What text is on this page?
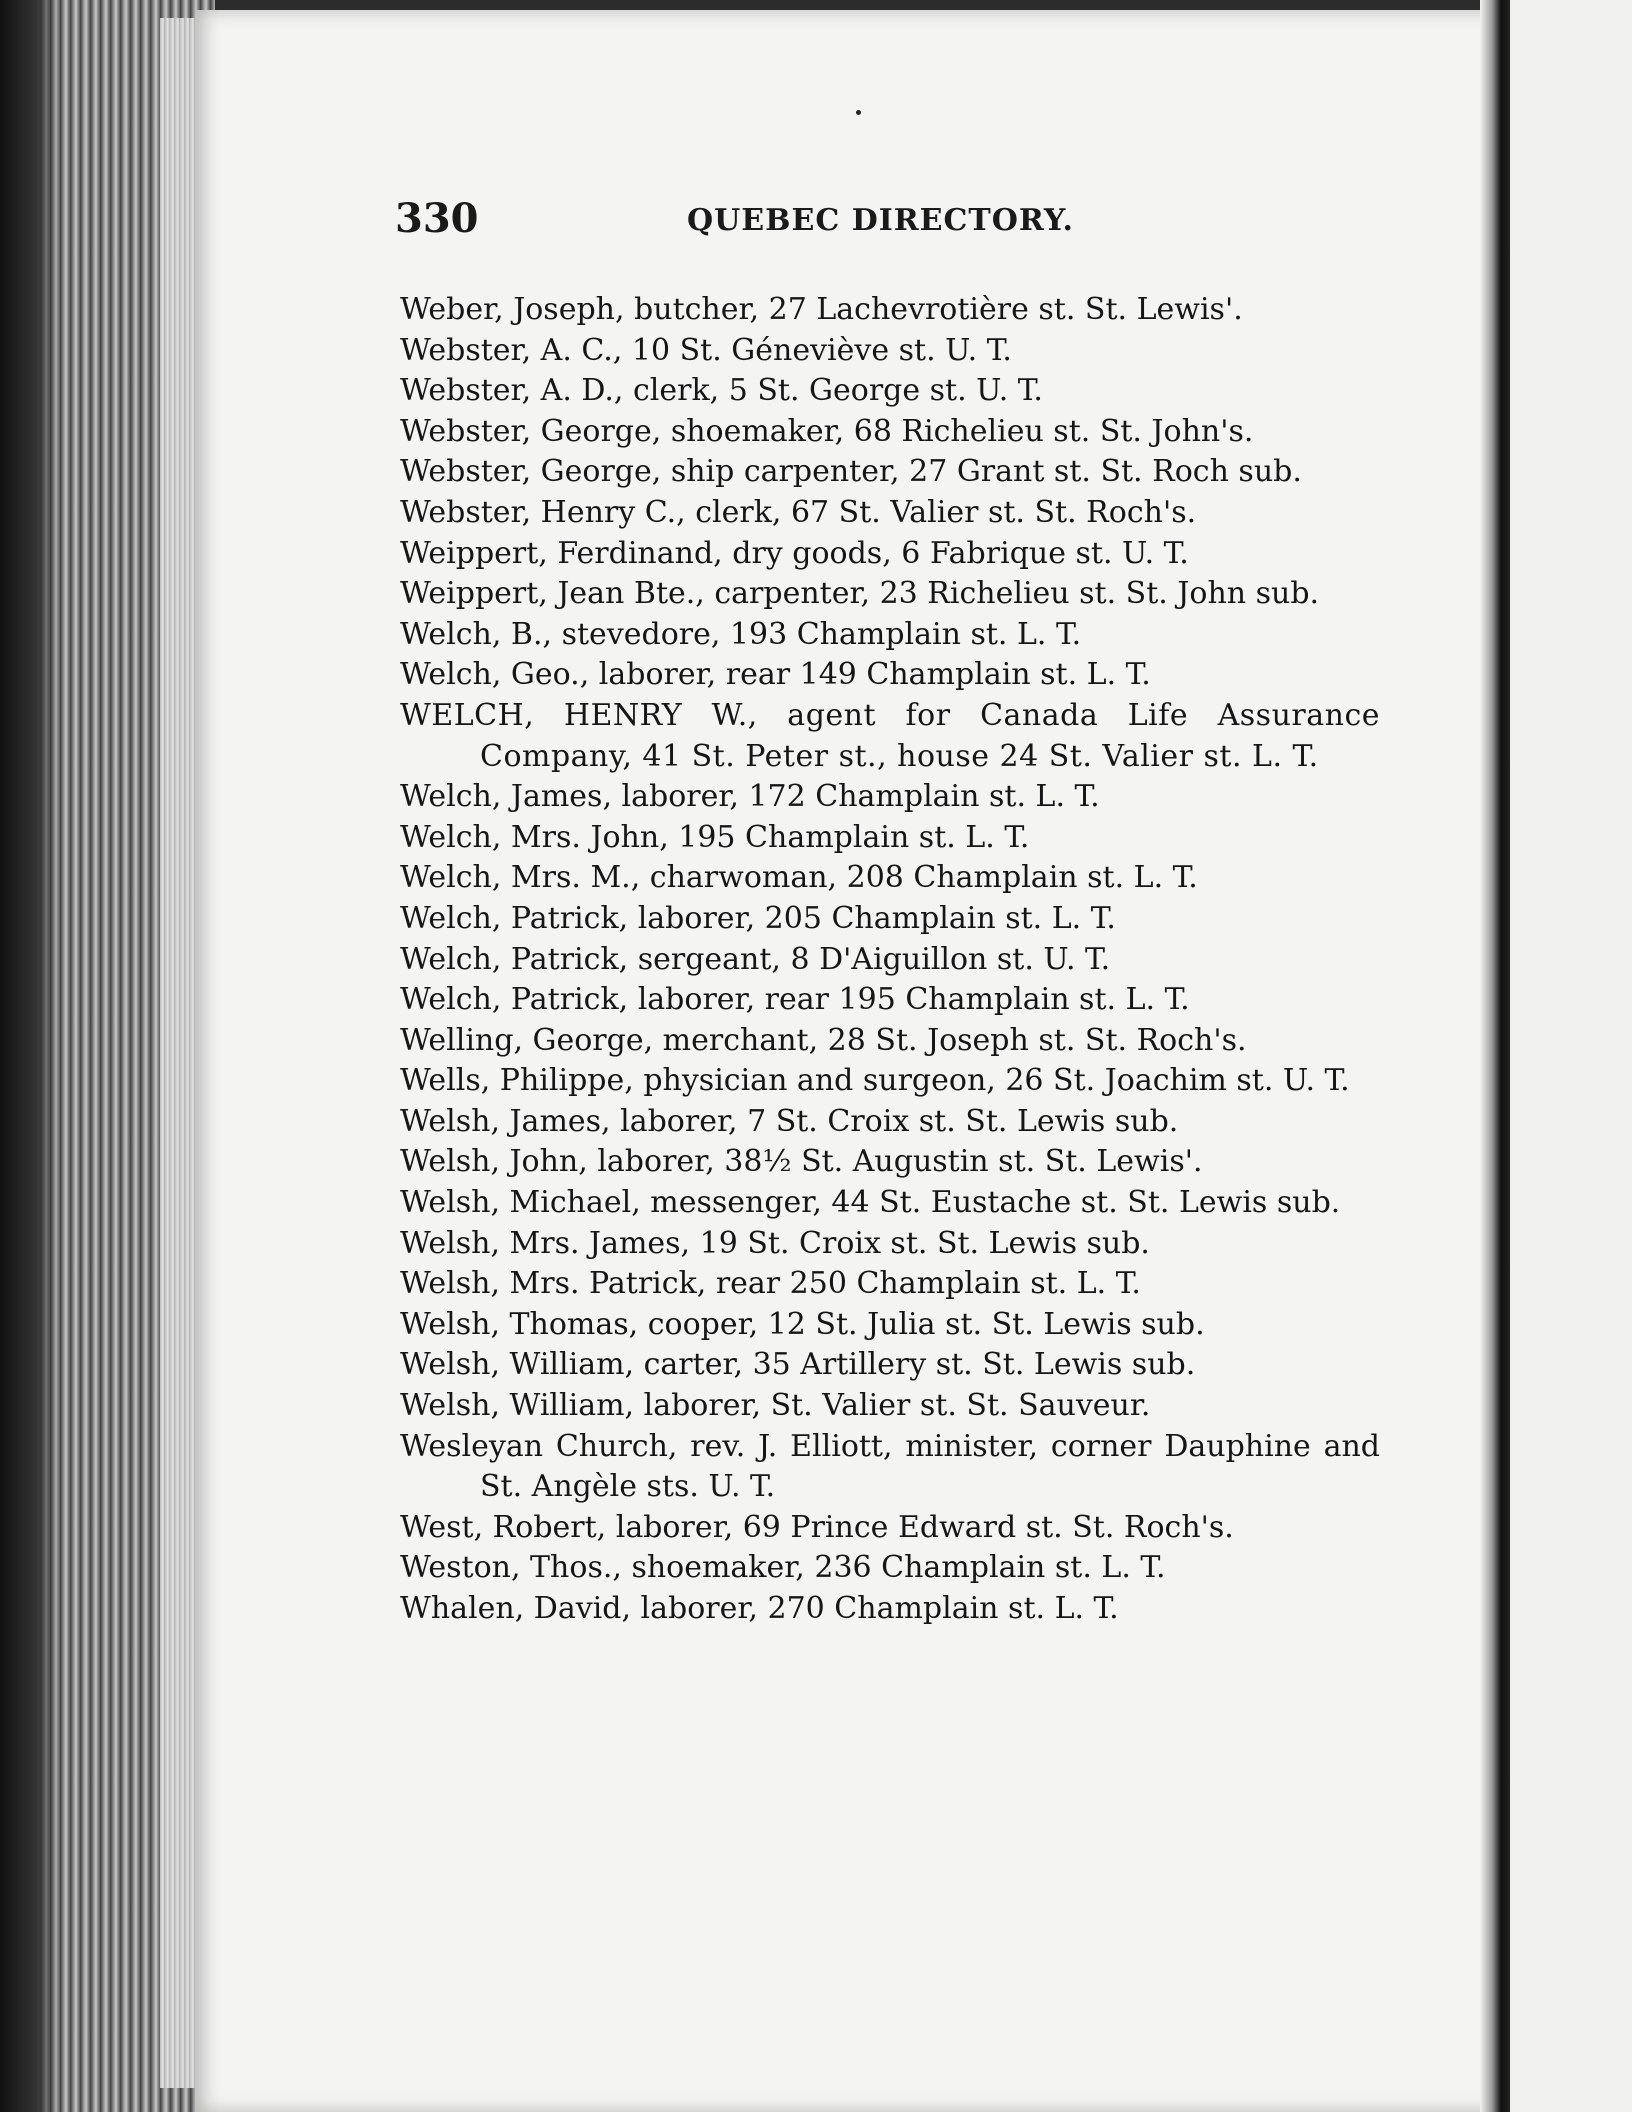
330	QUEBEC DIRECTORY.
Weber, Joseph, butcher, 27 Lachevrotière st. St. Lewis'.
Webster, A. C., 10 St. Génevièvе st. U. T.
Webster, A. D., clerk, 5 St. George st. U. T.
Webster, George, shoemaker, 68 Richelieu st. St. John's.
Webster, George, ship carpenter, 27 Grant st. St. Roch sub.
Webster, Henry C., clerk, 67 St. Valier st. St. Roch's.
Weippert, Ferdinand, dry goods, 6 Fabrique st. U. T.
Weippert, Jean Bte., carpenter, 23 Richelieu st. St. John sub.
Welch, B., stevedore, 193 Champlain st. L. T.
Welch, Geo., laborer, rear 149 Champlain st. L. T.
WELCH, HENRY W., agent for Canada Life Assurance Company, 41 St. Peter st., house 24 St. Valier st. L. T.
Welch, James, laborer, 172 Champlain st. L. T.
Welch, Mrs. John, 195 Champlain st. L. T.
Welch, Mrs. M., charwoman, 208 Champlain st. L. T.
Welch, Patrick, laborer, 205 Champlain st. L. T.
Welch, Patrick, sergeant, 8 D'Aiguillon st. U. T.
Welch, Patrick, laborer, rear 195 Champlain st. L. T.
Welling, George, merchant, 28 St. Joseph st. St. Roch's.
Wells, Philippe, physician and surgeon, 26 St. Joachim st. U. T.
Welsh, James, laborer, 7 St. Croix st. St. Lewis sub.
Welsh, John, laborer, 38½ St. Augustin st. St. Lewis'.
Welsh, Michael, messenger, 44 St. Eustache st. St. Lewis sub.
Welsh, Mrs. James, 19 St. Croix st. St. Lewis sub.
Welsh, Mrs. Patrick, rear 250 Champlain st. L. T.
Welsh, Thomas, cooper, 12 St. Julia st. St. Lewis sub.
Welsh, William, carter, 35 Artillery st. St. Lewis sub.
Welsh, William, laborer, St. Valier st. St. Sauveur.
Wesleyan Church, rev. J. Elliott, minister, corner Dauphine and St. Angèle sts. U. T.
West, Robert, laborer, 69 Prince Edward st. St. Roch's.
Weston, Thos., shoemaker, 236 Champlain st. L. T.
Whalen, David, laborer, 270 Champlain st. L. T.
